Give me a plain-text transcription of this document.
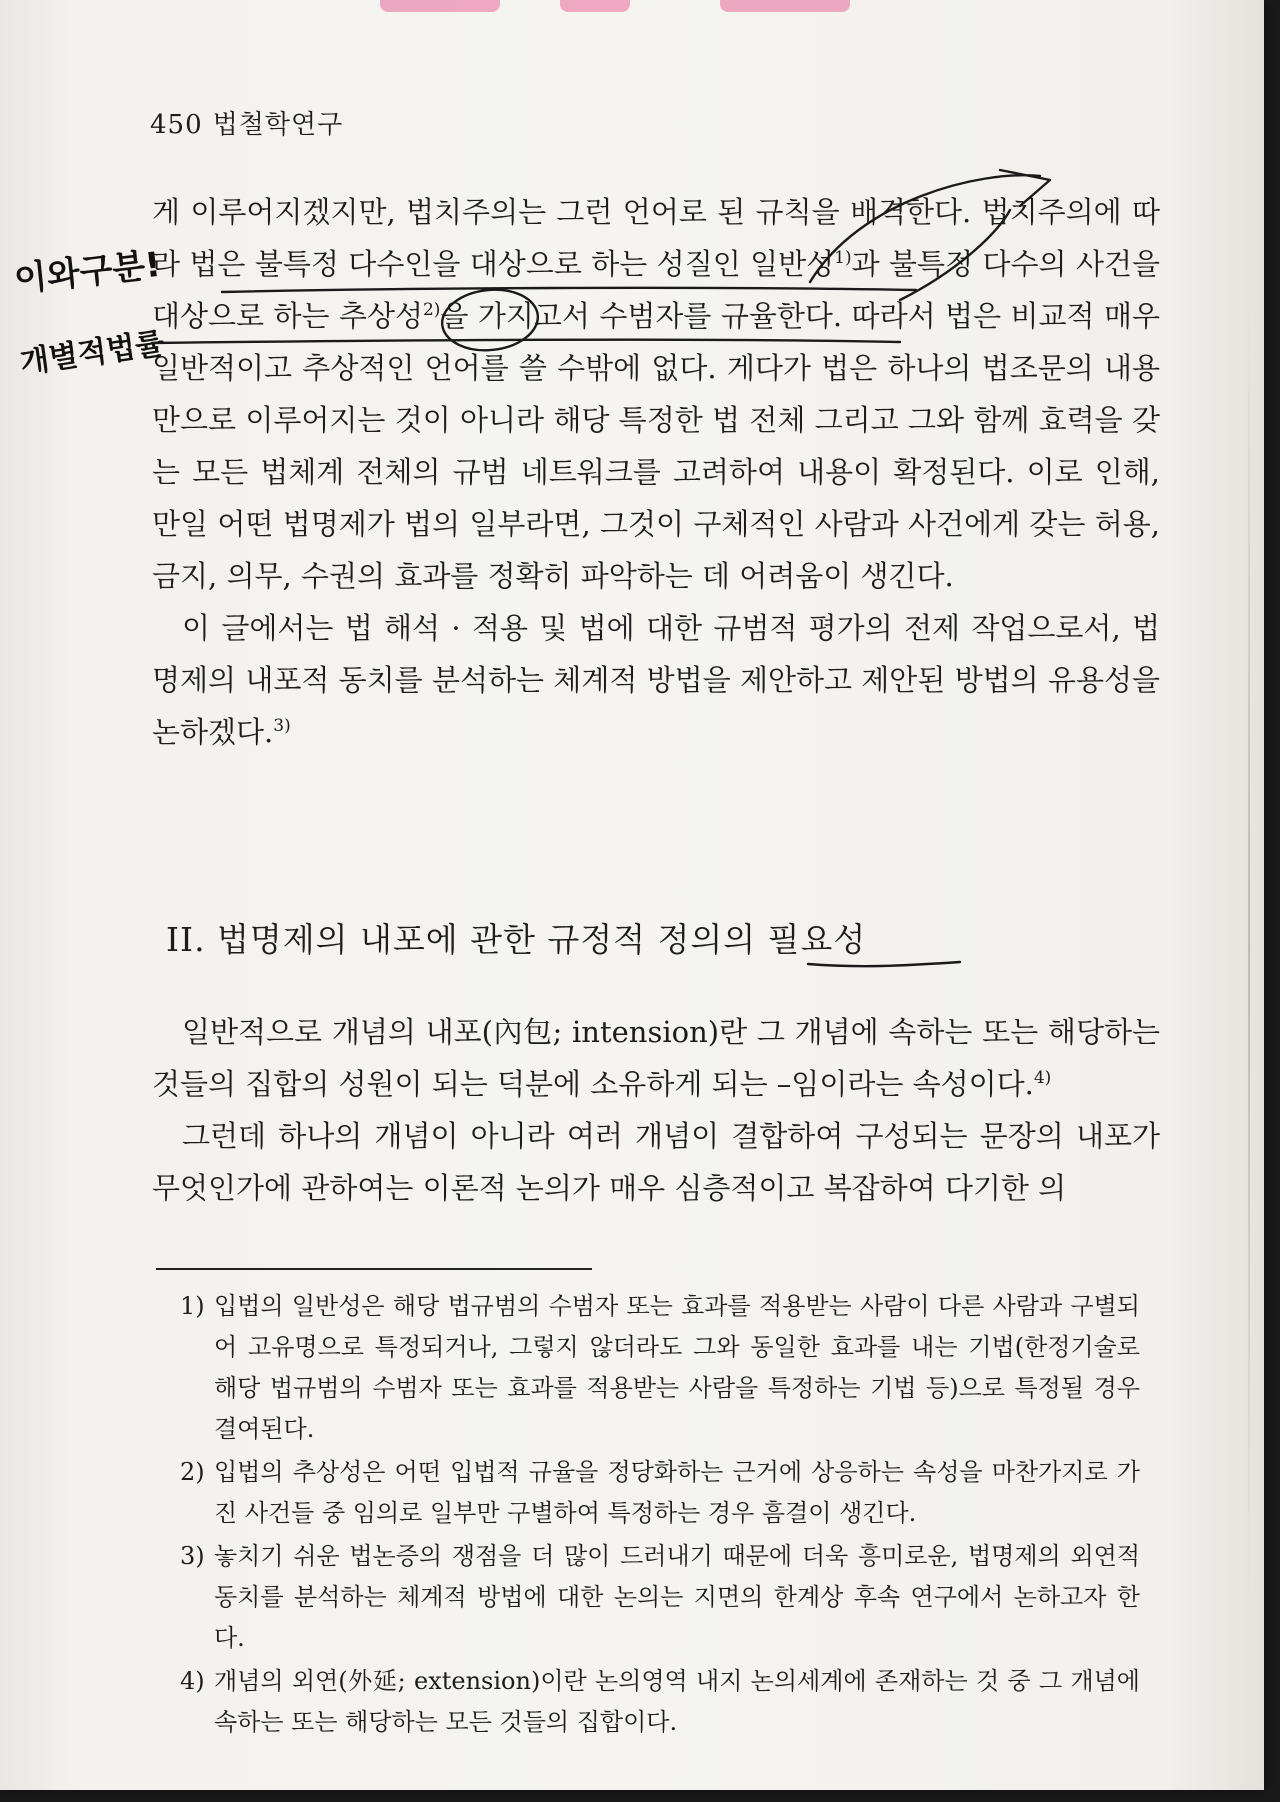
450 법철학연구
이와구분!
개별적법률

게 이루어지겠지만, 법치주의는 그런 언어로 된 규칙을 배격한다. 법치주의에 따라 법은 불특정 다수인을 대상으로 하는 성질인 일반성$^{1)}$과 불특정 다수의 사건을 대상으로 하는 추상성$^{2)}$을 가지고서 수범자를 규율한다. 따라서 법은 비교적 매우 일반적이고 추상적인 언어를 쓸 수밖에 없다. 게다가 법은 하나의 법조문의 내용만으로 이루어지는 것이 아니라 해당 특정한 법 전체 그리고 그와 함께 효력을 갖는 모든 법체계 전체의 규범 네트워크를 고려하여 내용이 확정된다. 이로 인해, 만일 어떤 법명제가 법의 일부라면, 그것이 구체적인 사람과 사건에게 갖는 허용, 금지, 의무, 수권의 효과를 정확히 파악하는 데 어려움이 생긴다.

이 글에서는 법 해석 · 적용 및 법에 대한 규범적 평가의 전제 작업으로서, 법명제의 내포적 동치를 분석하는 체계적 방법을 제안하고 제안된 방법의 유용성을 논하겠다.$^{3)}$

II. 법명제의 내포에 관한 규정적 정의의 필요성

일반적으로 개념의 내포(內包; intension)란 그 개념에 속하는 또는 해당하는 것들의 집합의 성원이 되는 덕분에 소유하게 되는 –임이라는 속성이다.$^{4)}$

그런데 하나의 개념이 아니라 여러 개념이 결합하여 구성되는 문장의 내포가 무엇인가에 관하여는 이론적 논의가 매우 심층적이고 복잡하여 다기한 의

1) 입법의 일반성은 해당 법규범의 수범자 또는 효과를 적용받는 사람이 다른 사람과 구별되어 고유명으로 특정되거나, 그렇지 않더라도 그와 동일한 효과를 내는 기법(한정기술로 해당 법규범의 수범자 또는 효과를 적용받는 사람을 특정하는 기법 등)으로 특정될 경우 결여된다.
2) 입법의 추상성은 어떤 입법적 규율을 정당화하는 근거에 상응하는 속성을 마찬가지로 가진 사건들 중 임의로 일부만 구별하여 특정하는 경우 흠결이 생긴다.
3) 놓치기 쉬운 법논증의 쟁점을 더 많이 드러내기 때문에 더욱 흥미로운, 법명제의 외연적 동치를 분석하는 체계적 방법에 대한 논의는 지면의 한계상 후속 연구에서 논하고자 한다.
4) 개념의 외연(外延; extension)이란 논의영역 내지 논의세계에 존재하는 것 중 그 개념에 속하는 또는 해당하는 모든 것들의 집합이다.
